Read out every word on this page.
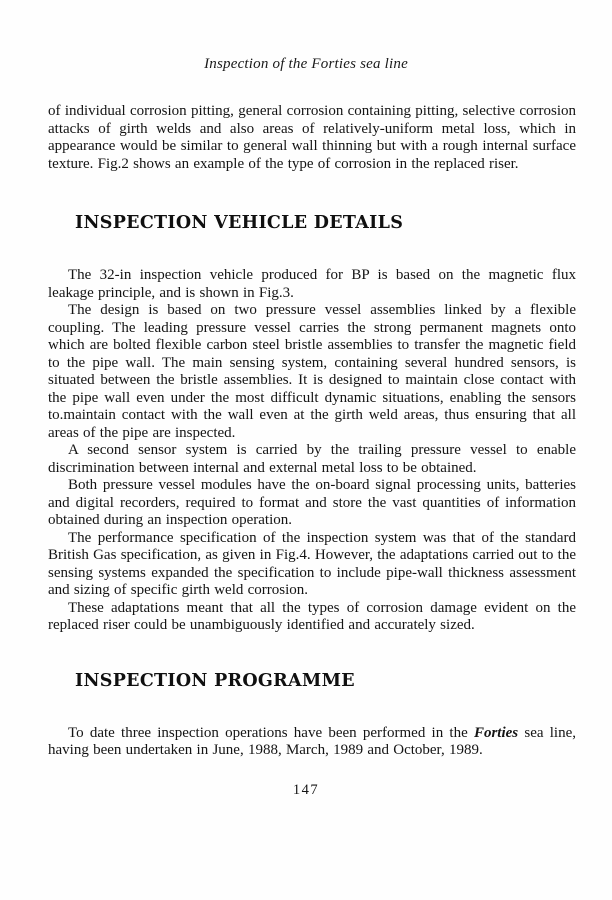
Inspection of the Forties sea line

of individual corrosion pitting, general corrosion containing pitting, selective corrosion attacks of girth welds and also areas of relatively-uniform metal loss, which in appearance would be similar to general wall thinning but with a rough internal surface texture. Fig.2 shows an example of the type of corrosion in the replaced riser.

INSPECTION VEHICLE DETAILS

The 32-in inspection vehicle produced for BP is based on the magnetic flux leakage principle, and is shown in Fig.3.

The design is based on two pressure vessel assemblies linked by a flexible coupling. The leading pressure vessel carries the strong permanent magnets onto which are bolted flexible carbon steel bristle assemblies to transfer the magnetic field to the pipe wall. The main sensing system, containing several hundred sensors, is situated between the bristle assemblies. It is designed to maintain close contact with the pipe wall even under the most difficult dynamic situations, enabling the sensors to.maintain contact with the wall even at the girth weld areas, thus ensuring that all areas of the pipe are inspected.

A second sensor system is carried by the trailing pressure vessel to enable discrimination between internal and external metal loss to be obtained.

Both pressure vessel modules have the on-board signal processing units, batteries and digital recorders, required to format and store the vast quantities of information obtained during an inspection operation.

The performance specification of the inspection system was that of the standard British Gas specification, as given in Fig.4. However, the adaptations carried out to the sensing systems expanded the specification to include pipe-wall thickness assessment and sizing of specific girth weld corrosion.

These adaptations meant that all the types of corrosion damage evident on the replaced riser could be unambiguously identified and accurately sized.

INSPECTION PROGRAMME

To date three inspection operations have been performed in the Forties sea line, having been undertaken in June, 1988, March, 1989 and October, 1989.

147
